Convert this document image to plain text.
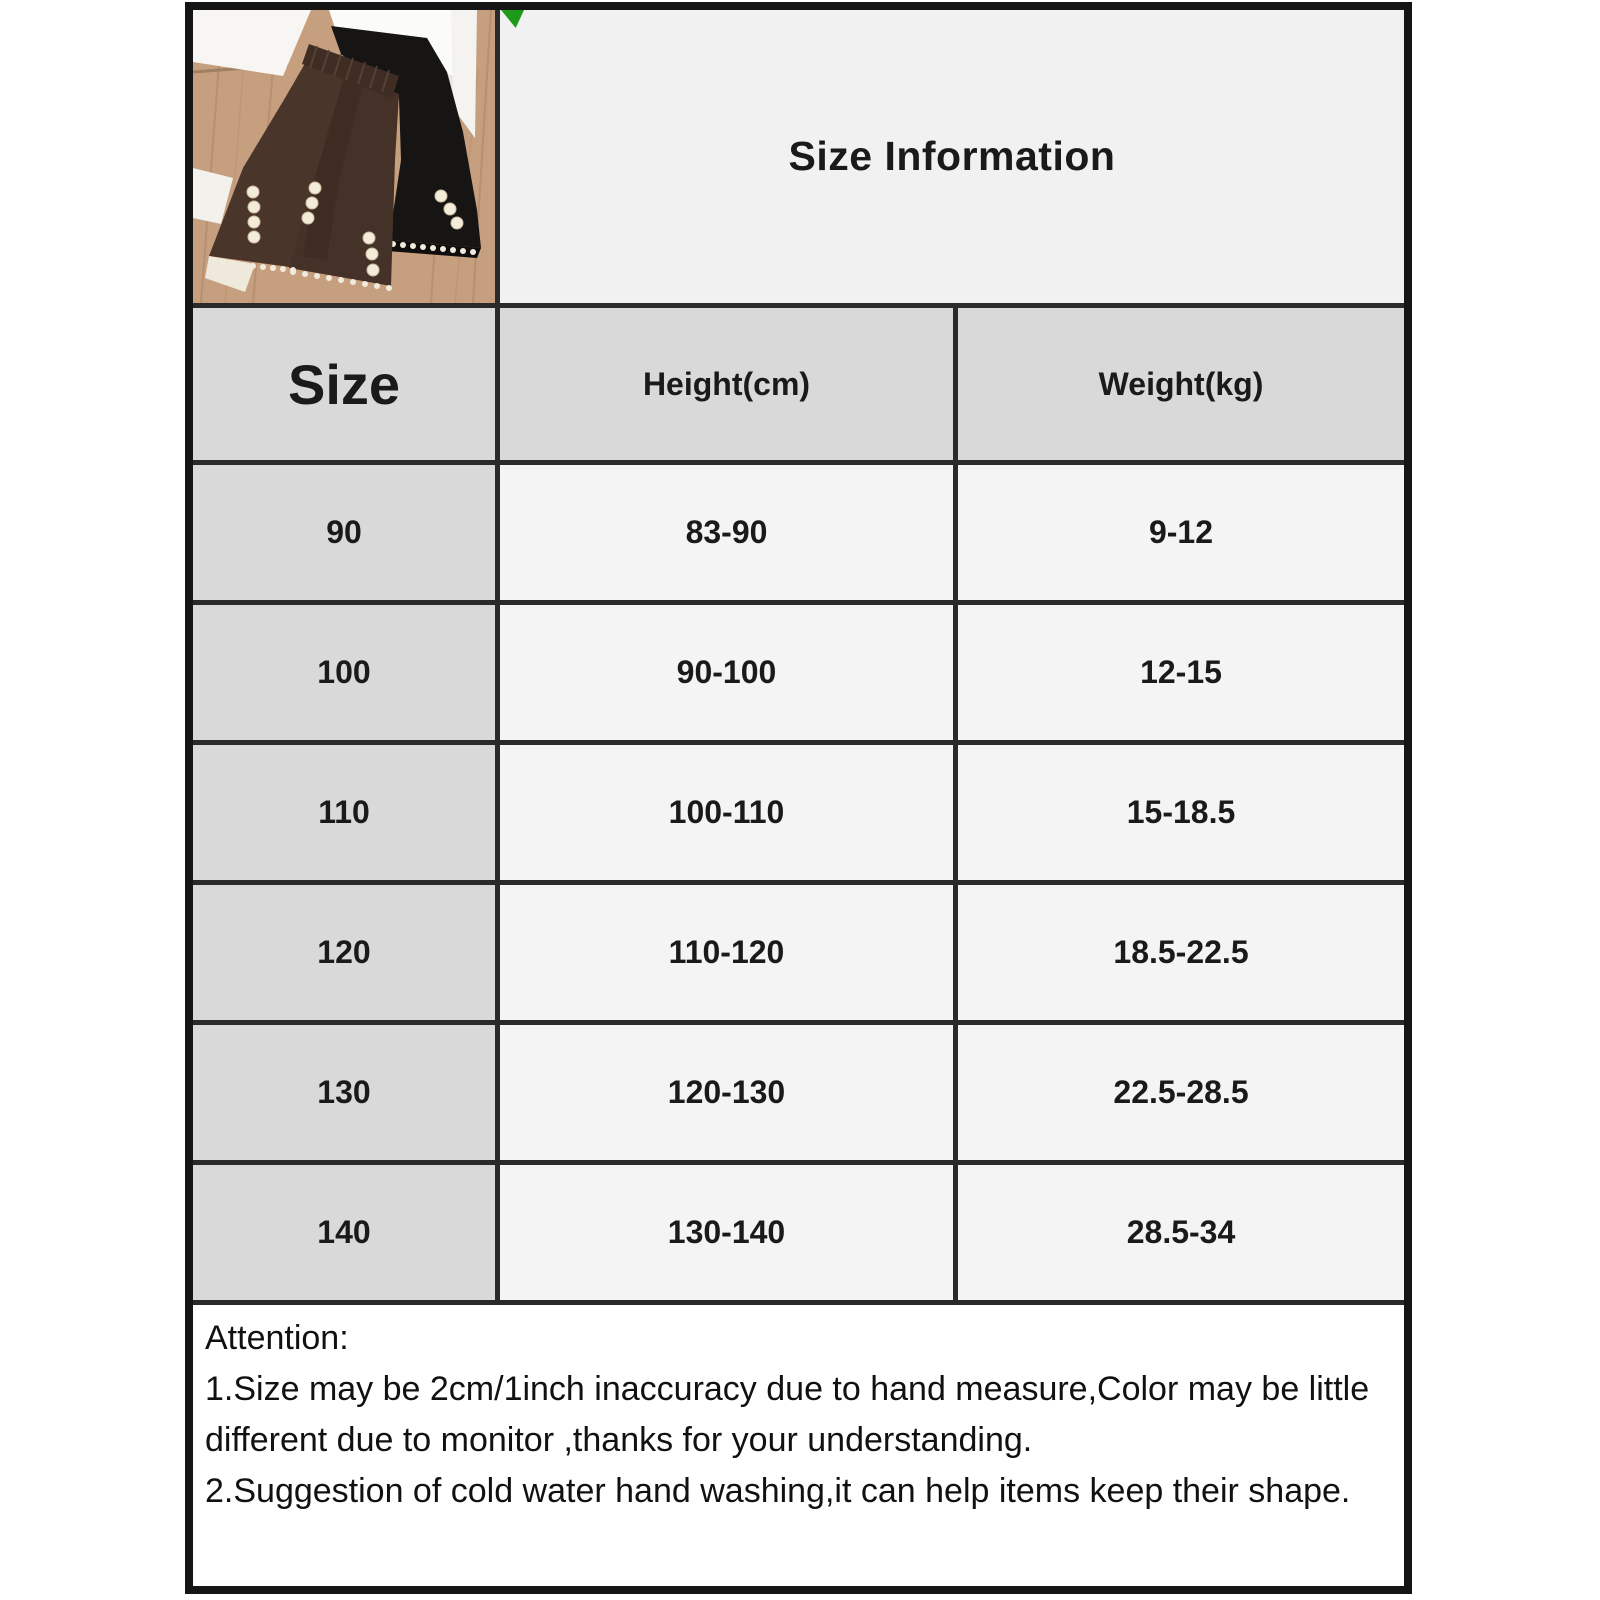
Size Information
Size	Height(cm)	Weight(kg)
90	83-90	9-12
100	90-100	12-15
110	100-110	15-18.5
120	110-120	18.5-22.5
130	120-130	22.5-28.5
140	130-140	28.5-34
Attention:
1.Size may be 2cm/1inch inaccuracy due to hand measure,Color may be little
different due to monitor ,thanks for your understanding.
2.Suggestion of cold water hand washing,it can help items keep their shape.
